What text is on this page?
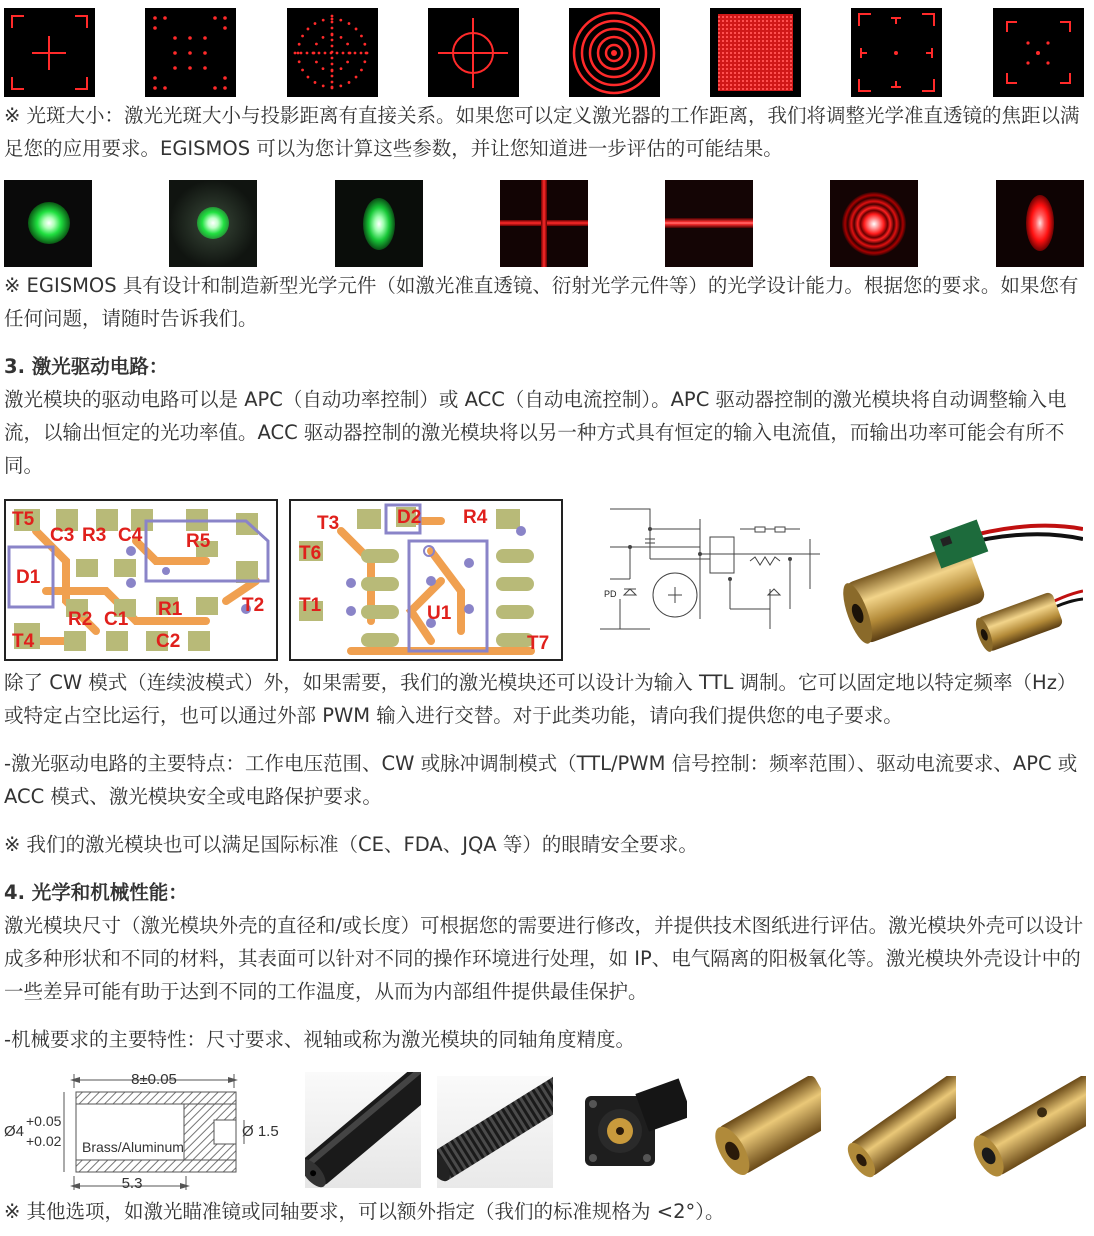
※ 光斑大小：激光光斑大小与投影距离有直接关系。如果您可以定义激光器的工作距离，我们将调整光学准直透镜的焦距以满足您的应用要求。EGISMOS 可以为您计算这些参数，并让您知道进一步评估的可能结果。
※ EGISMOS 具有设计和制造新型光学元件（如激光准直透镜、衍射光学元件等）的光学设计能力。根据您的要求。如果您有任何问题，请随时告诉我们。
3. 激光驱动电路：
激光模块的驱动电路可以是 APC（自动功率控制）或 ACC（自动电流控制）。APC 驱动器控制的激光模块将自动调整输入电流，以输出恒定的光功率值。ACC 驱动器控制的激光模块将以另一种方式具有恒定的输入电流值，而输出功率可能会有所不同。
T5
C3 R3 C4 R5
D1
R2 C1 R1	T2
T4	C2
T3	D2 R4
T6
T1	U1
T7
PD
除了 CW 模式（连续波模式）外，如果需要，我们的激光模块还可以设计为输入 TTL 调制。它可以固定地以特定频率（Hz） 或特定占空比运行，也可以通过外部 PWM 输入进行交替。对于此类功能，请向我们提供您的电子要求。
-激光驱动电路的主要特点：工作电压范围、CW 或脉冲调制模式（TTL/PWM 信号控制：频率范围）、驱动电流要求、APC 或 ACC 模式、激光模块安全或电路保护要求。
※ 我们的激光模块也可以满足国际标准（CE、FDA、JQA 等）的眼睛安全要求。
4. 光学和机械性能：
激光模块尺寸（激光模块外壳的直径和/或长度）可根据您的需要进行修改，并提供技术图纸进行评估。激光模块外壳可以设计成多种形状和不同的材料，其表面可以针对不同的操作环境进行处理，如 IP、电气隔离的阳极氧化等。激光模块外壳设计中的一些差异可能有助于达到不同的工作温度，从而为内部组件提供最佳保护。
-机械要求的主要特性：尺寸要求、视轴或称为激光模块的同轴角度精度。
8±0.05
Ø4
+0.05
+0.02
Ø 1.5
Brass/Aluminum
5.3
※ 其他选项，如激光瞄准镜或同轴要求，可以额外指定（我们的标准规格为 <2°）。
